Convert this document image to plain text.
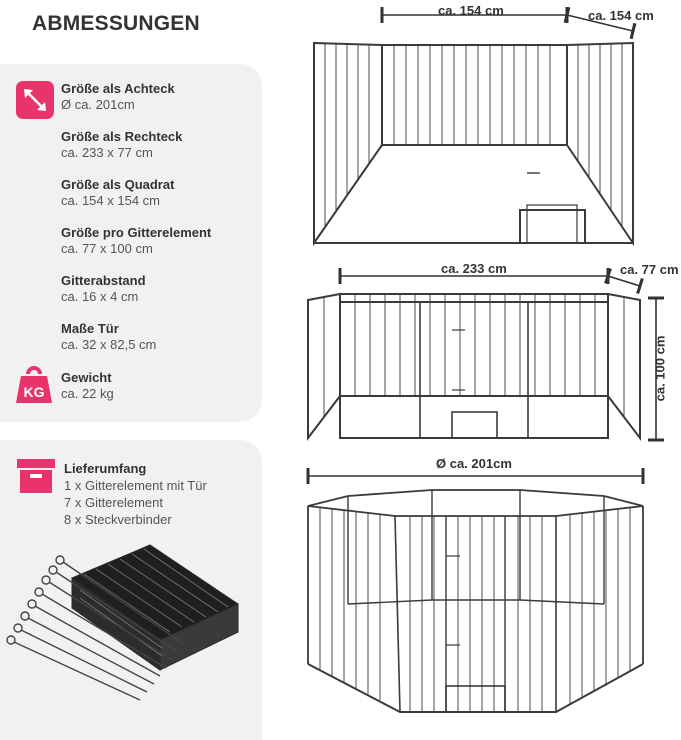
ABMESSUNGEN
KG
Größe als Achteck
Ø ca. 201cm
Größe als Rechteck
ca. 233 x 77 cm
Größe als Quadrat
ca. 154 x 154 cm
Größe pro Gitterelement
ca. 77 x 100 cm
Gitterabstand
ca. 16 x 4 cm
Maße Tür
ca. 32 x 82,5 cm
Gewicht
ca. 22 kg
Lieferumfang
1 x Gitterelement mit Tür
7 x Gitterelement
8 x Steckverbinder
ca. 154 cm	ca. 154 cm
ca. 233 cm	ca. 77 cm
ca. 100 cm
Ø ca. 201cm
